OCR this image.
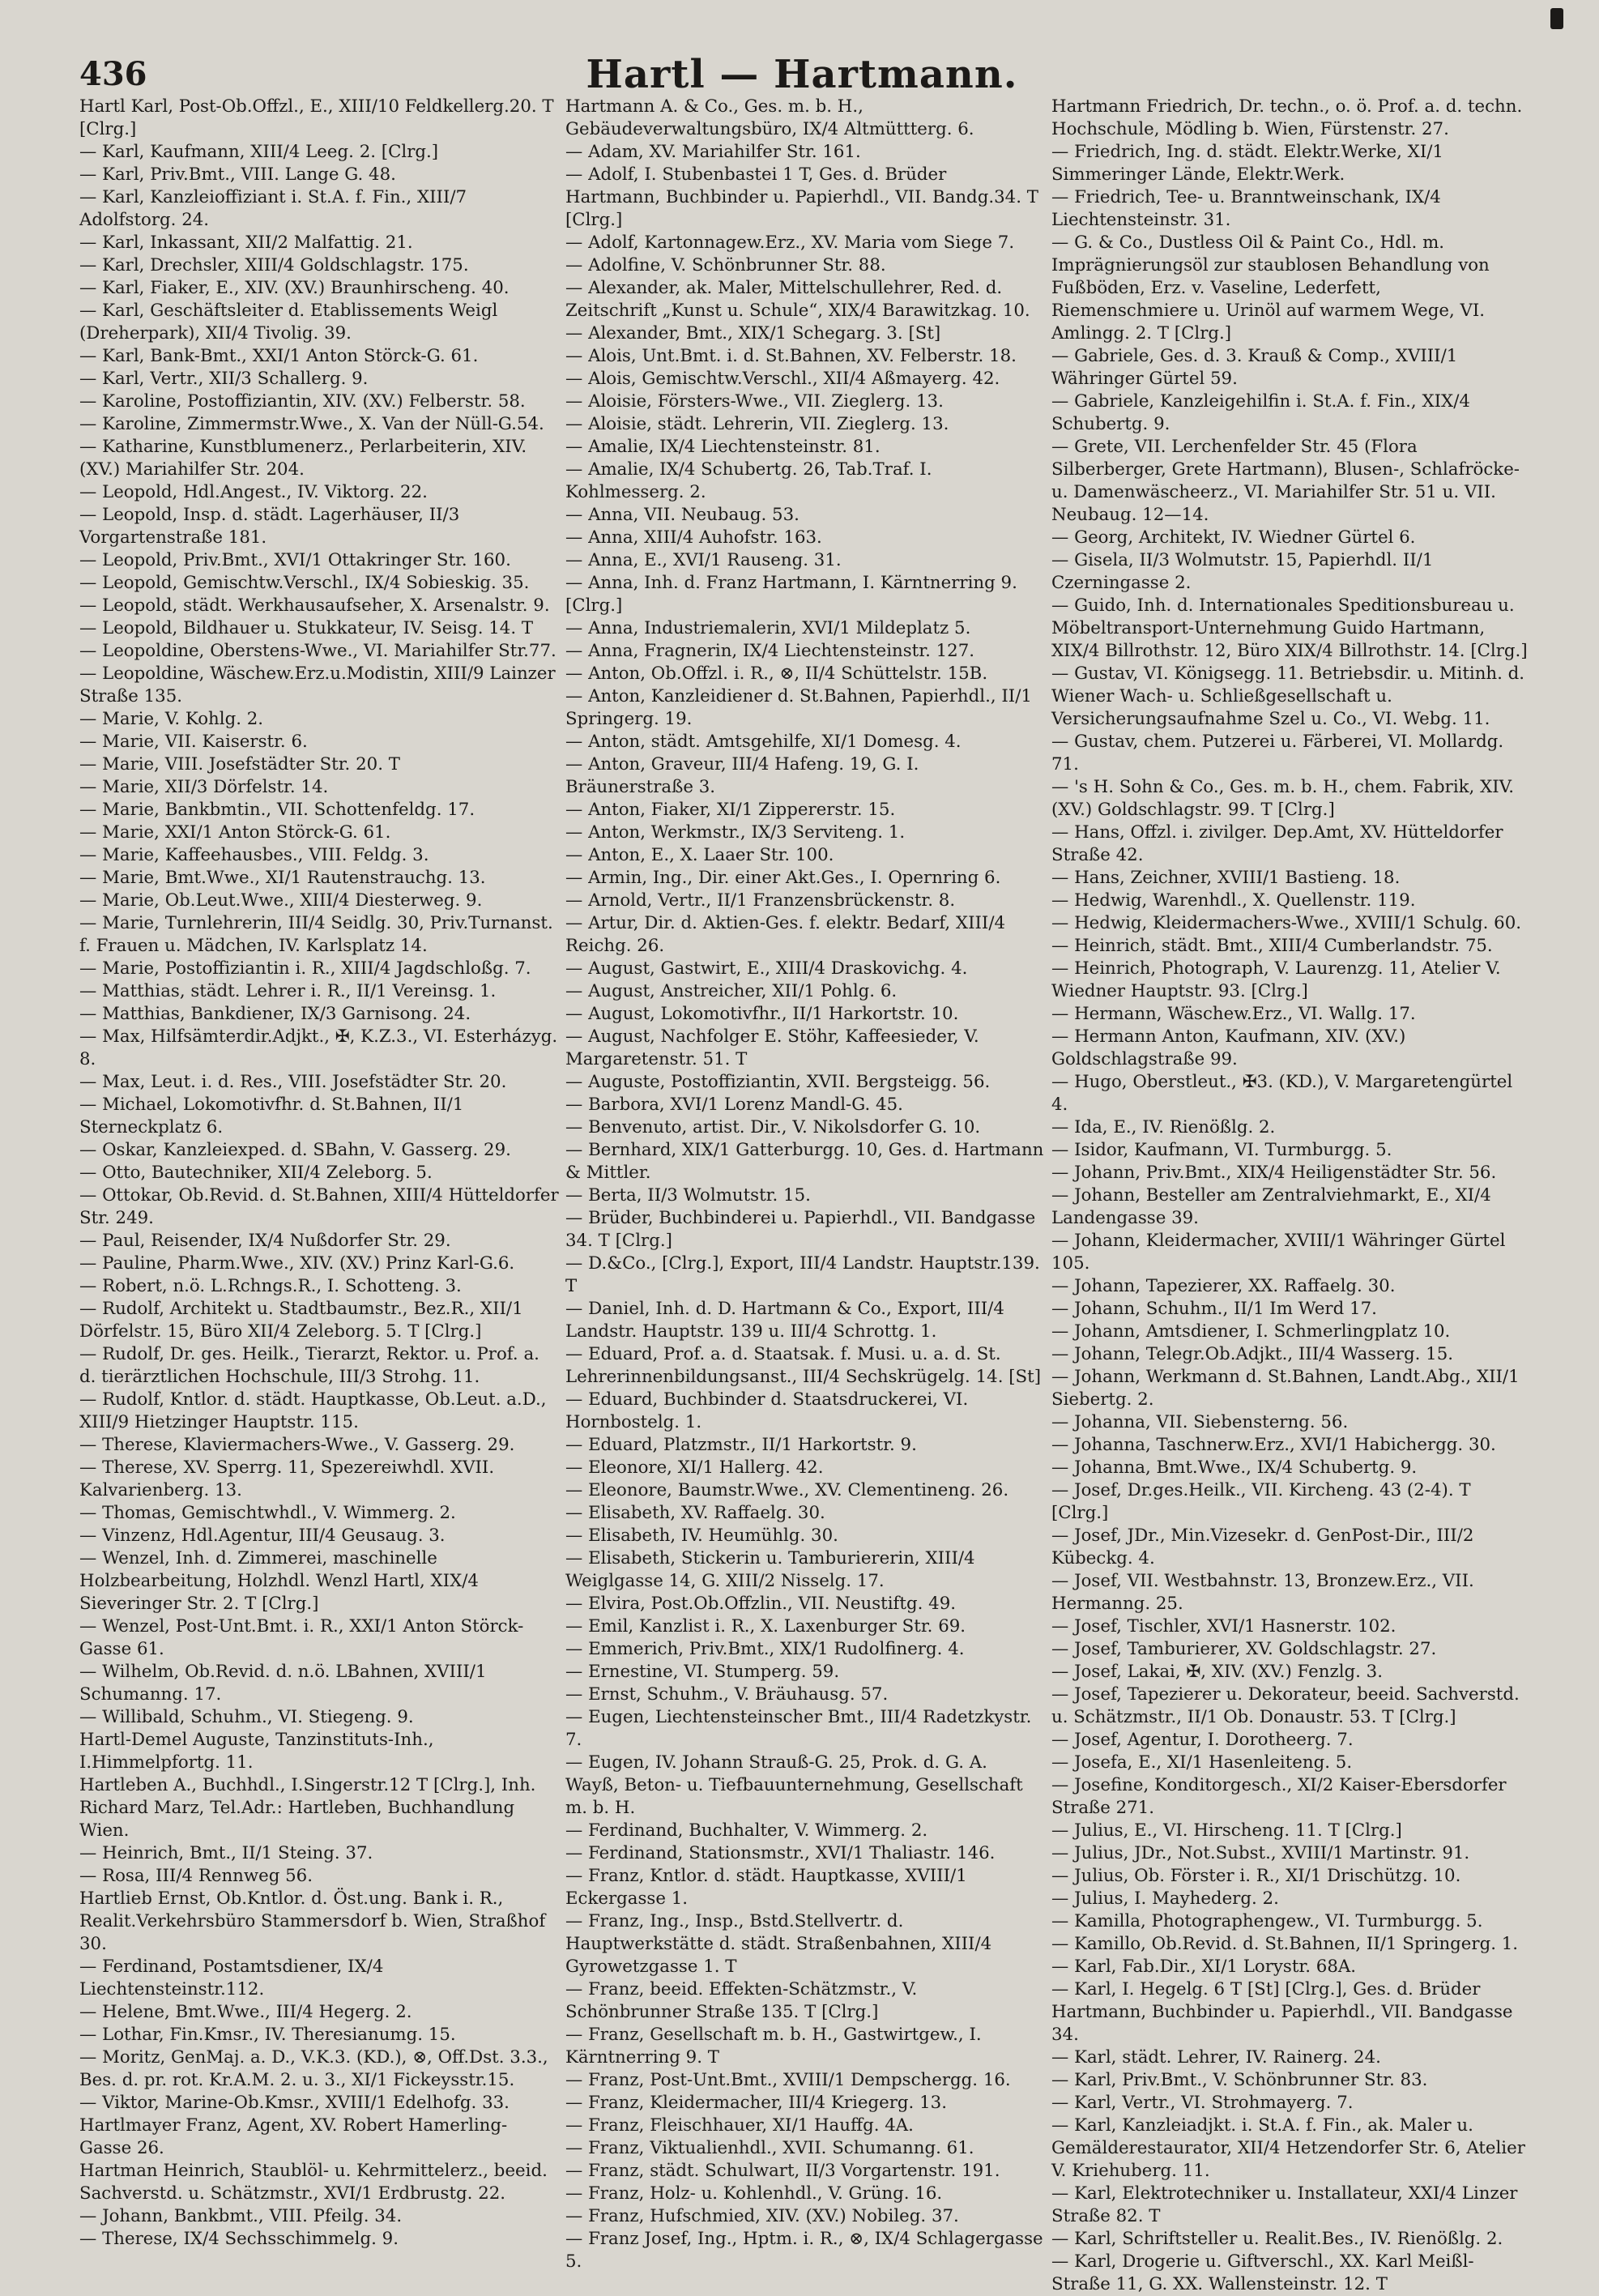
436	Hartl — Hartmann.

Hartl Karl, Post-Ob.Offzl., E., XIII/10 Feldkellerg.20. T [Clrg.]

— Karl, Kaufmann, XIII/4 Leeg. 2. [Clrg.]

— Karl, Priv.Bmt., VIII. Lange G. 48.

— Karl, Kanzleioffiziant i. St.A. f. Fin., XIII/7 Adolfstorg. 24.

— Karl, Inkassant, XII/2 Malfattig. 21.

— Karl, Drechsler, XIII/4 Goldschlagstr. 175.

— Karl, Fiaker, E., XIV. (XV.) Braunhirscheng. 40.

— Karl, Geschäftsleiter d. Etablissements Weigl (Dreherpark), XII/4 Tivolig. 39.

— Karl, Bank-Bmt., XXI/1 Anton Störck-G. 61.

— Karl, Vertr., XII/3 Schallerg. 9.

— Karoline, Postoffiziantin, XIV. (XV.) Felberstr. 58.

— Karoline, Zimmermstr.Wwe., X. Van der Nüll-G.54.

— Katharine, Kunstblumenerz., Perlarbeiterin, XIV. (XV.) Mariahilfer Str. 204.

— Leopold, Hdl.Angest., IV. Viktorg. 22.

— Leopold, Insp. d. städt. Lagerhäuser, II/3 Vorgartenstraße 181.

— Leopold, Priv.Bmt., XVI/1 Ottakringer Str. 160.

— Leopold, Gemischtw.Verschl., IX/4 Sobieskig. 35.

— Leopold, städt. Werkhausaufseher, X. Arsenalstr. 9.

— Leopold, Bildhauer u. Stukkateur, IV. Seisg. 14. T

— Leopoldine, Oberstens-Wwe., VI. Mariahilfer Str.77.

— Leopoldine, Wäschew.Erz.u.Modistin, XIII/9 Lainzer Straße 135.

— Marie, V. Kohlg. 2.

— Marie, VII. Kaiserstr. 6.

— Marie, VIII. Josefstädter Str. 20. T

— Marie, XII/3 Dörfelstr. 14.

— Marie, Bankbmtin., VII. Schottenfeldg. 17.

— Marie, XXI/1 Anton Störck-G. 61.

— Marie, Kaffeehausbes., VIII. Feldg. 3.

— Marie, Bmt.Wwe., XI/1 Rautenstrauchg. 13.

— Marie, Ob.Leut.Wwe., XIII/4 Diesterweg. 9.

— Marie, Turnlehrerin, III/4 Seidlg. 30, Priv.Turnanst. f. Frauen u. Mädchen, IV. Karlsplatz 14.

— Marie, Postoffiziantin i. R., XIII/4 Jagdschloßg. 7.

— Matthias, städt. Lehrer i. R., II/1 Vereinsg. 1.

— Matthias, Bankdiener, IX/3 Garnisong. 24.

— Max, Hilfsämterdir.Adjkt., ✠, K.Z.3., VI. Esterházyg. 8.

— Max, Leut. i. d. Res., VIII. Josefstädter Str. 20.

— Michael, Lokomotivfhr. d. St.Bahnen, II/1 Sterneckplatz 6.

— Oskar, Kanzleiexped. d. SBahn, V. Gasserg. 29.

— Otto, Bautechniker, XII/4 Zeleborg. 5.

— Ottokar, Ob.Revid. d. St.Bahnen, XIII/4 Hütteldorfer Str. 249.

— Paul, Reisender, IX/4 Nußdorfer Str. 29.

— Pauline, Pharm.Wwe., XIV. (XV.) Prinz Karl-G.6.

— Robert, n.ö. L.Rchngs.R., I. Schotteng. 3.

— Rudolf, Architekt u. Stadtbaumstr., Bez.R., XII/1 Dörfelstr. 15, Büro XII/4 Zeleborg. 5. T [Clrg.]

— Rudolf, Dr. ges. Heilk., Tierarzt, Rektor. u. Prof. a. d. tierärztlichen Hochschule, III/3 Strohg. 11.

— Rudolf, Kntlor. d. städt. Hauptkasse, Ob.Leut. a.D., XIII/9 Hietzinger Hauptstr. 115.

— Therese, Klaviermachers-Wwe., V. Gasserg. 29.

— Therese, XV. Sperrg. 11, Spezereiwhdl. XVII. Kalvarienberg. 13.

— Thomas, Gemischtwhdl., V. Wimmerg. 2.

— Vinzenz, Hdl.Agentur, III/4 Geusaug. 3.

— Wenzel, Inh. d. Zimmerei, maschinelle Holzbearbeitung, Holzhdl. Wenzl Hartl, XIX/4 Sieveringer Str. 2. T [Clrg.]

— Wenzel, Post-Unt.Bmt. i. R., XXI/1 Anton Störck-Gasse 61.

— Wilhelm, Ob.Revid. d. n.ö. LBahnen, XVIII/1 Schumanng. 17.

— Willibald, Schuhm., VI. Stiegeng. 9.

Hartl-Demel Auguste, Tanzinstituts-Inh., I.Himmelpfortg. 11.

Hartleben A., Buchhdl., I.Singerstr.12 T [Clrg.], Inh. Richard Marz, Tel.Adr.: Hartleben, Buchhandlung Wien.

— Heinrich, Bmt., II/1 Steing. 37.

— Rosa, III/4 Rennweg 56.

Hartlieb Ernst, Ob.Kntlor. d. Öst.ung. Bank i. R., Realit.Verkehrsbüro Stammersdorf b. Wien, Straßhof 30.

— Ferdinand, Postamtsdiener, IX/4 Liechtensteinstr.112.

— Helene, Bmt.Wwe., III/4 Hegerg. 2.

— Lothar, Fin.Kmsr., IV. Theresianumg. 15.

— Moritz, GenMaj. a. D., V.K.3. (KD.), ⊗, Off.Dst. 3.3., Bes. d. pr. rot. Kr.A.M. 2. u. 3., XI/1 Fickeysstr.15.

— Viktor, Marine-Ob.Kmsr., XVIII/1 Edelhofg. 33.

Hartlmayer Franz, Agent, XV. Robert Hamerling-Gasse 26.

Hartman Heinrich, Staublöl- u. Kehrmittelerz., beeid. Sachverstd. u. Schätzmstr., XVI/1 Erdbrustg. 22.

— Johann, Bankbmt., VIII. Pfeilg. 34.

— Therese, IX/4 Sechsschimmelg. 9.

Hartmann A. & Co., Ges. m. b. H., Gebäudeverwaltungsbüro, IX/4 Altmüttterg. 6.

— Adam, XV. Mariahilfer Str. 161.

— Adolf, I. Stubenbastei 1 T, Ges. d. Brüder Hartmann, Buchbinder u. Papierhdl., VII. Bandg.34. T [Clrg.]

— Adolf, Kartonnagew.Erz., XV. Maria vom Siege 7.

— Adolfine, V. Schönbrunner Str. 88.

— Alexander, ak. Maler, Mittelschullehrer, Red. d. Zeitschrift „Kunst u. Schule“, XIX/4 Barawitzkag. 10.

— Alexander, Bmt., XIX/1 Schegarg. 3. [St]

— Alois, Unt.Bmt. i. d. St.Bahnen, XV. Felberstr. 18.

— Alois, Gemischtw.Verschl., XII/4 Aßmayerg. 42.

— Aloisie, Försters-Wwe., VII. Zieglerg. 13.

— Aloisie, städt. Lehrerin, VII. Zieglerg. 13.

— Amalie, IX/4 Liechtensteinstr. 81.

— Amalie, IX/4 Schubertg. 26, Tab.Traf. I. Kohlmesserg. 2.

— Anna, VII. Neubaug. 53.

— Anna, XIII/4 Auhofstr. 163.

— Anna, E., XVI/1 Rauseng. 31.

— Anna, Inh. d. Franz Hartmann, I. Kärntnerring 9. [Clrg.]

— Anna, Industriemalerin, XVI/1 Mildeplatz 5.

— Anna, Fragnerin, IX/4 Liechtensteinstr. 127.

— Anton, Ob.Offzl. i. R., ⊗, II/4 Schüttelstr. 15B.

— Anton, Kanzleidiener d. St.Bahnen, Papierhdl., II/1 Springerg. 19.

— Anton, städt. Amtsgehilfe, XI/1 Domesg. 4.

— Anton, Graveur, III/4 Hafeng. 19, G. I. Bräunerstraße 3.

— Anton, Fiaker, XI/1 Zippererstr. 15.

— Anton, Werkmstr., IX/3 Serviteng. 1.

— Anton, E., X. Laaer Str. 100.

— Armin, Ing., Dir. einer Akt.Ges., I. Opernring 6.

— Arnold, Vertr., II/1 Franzensbrückenstr. 8.

— Artur, Dir. d. Aktien-Ges. f. elektr. Bedarf, XIII/4 Reichg. 26.

— August, Gastwirt, E., XIII/4 Draskovichg. 4.

— August, Anstreicher, XII/1 Pohlg. 6.

— August, Lokomotivfhr., II/1 Harkortstr. 10.

— August, Nachfolger E. Stöhr, Kaffeesieder, V. Margaretenstr. 51. T

— Auguste, Postoffiziantin, XVII. Bergsteigg. 56.

— Barbora, XVI/1 Lorenz Mandl-G. 45.

— Benvenuto, artist. Dir., V. Nikolsdorfer G. 10.

— Bernhard, XIX/1 Gatterburgg. 10, Ges. d. Hartmann & Mittler.

— Berta, II/3 Wolmutstr. 15.

— Brüder, Buchbinderei u. Papierhdl., VII. Bandgasse 34. T [Clrg.]

— D.&Co., [Clrg.], Export, III/4 Landstr. Hauptstr.139. T

— Daniel, Inh. d. D. Hartmann & Co., Export, III/4 Landstr. Hauptstr. 139 u. III/4 Schrottg. 1.

— Eduard, Prof. a. d. Staatsak. f. Musi. u. a. d. St. Lehrerinnenbildungsanst., III/4 Sechskrügelg. 14. [St]

— Eduard, Buchbinder d. Staatsdruckerei, VI. Hornbostelg. 1.

— Eduard, Platzmstr., II/1 Harkortstr. 9.

— Eleonore, XI/1 Hallerg. 42.

— Eleonore, Baumstr.Wwe., XV. Clementineng. 26.

— Elisabeth, XV. Raffaelg. 30.

— Elisabeth, IV. Heumühlg. 30.

— Elisabeth, Stickerin u. Tamburiererin, XIII/4 Weiglgasse 14, G. XIII/2 Nisselg. 17.

— Elvira, Post.Ob.Offzlin., VII. Neustiftg. 49.

— Emil, Kanzlist i. R., X. Laxenburger Str. 69.

— Emmerich, Priv.Bmt., XIX/1 Rudolfinerg. 4.

— Ernestine, VI. Stumperg. 59.

— Ernst, Schuhm., V. Bräuhausg. 57.

— Eugen, Liechtensteinscher Bmt., III/4 Radetzkystr. 7.

— Eugen, IV. Johann Strauß-G. 25, Prok. d. G. A. Wayß, Beton- u. Tiefbauunternehmung, Gesellschaft m. b. H.

— Ferdinand, Buchhalter, V. Wimmerg. 2.

— Ferdinand, Stationsmstr., XVI/1 Thaliastr. 146.

— Franz, Kntlor. d. städt. Hauptkasse, XVIII/1 Eckergasse 1.

— Franz, Ing., Insp., Bstd.Stellvertr. d. Hauptwerkstätte d. städt. Straßenbahnen, XIII/4 Gyrowetzgasse 1. T

— Franz, beeid. Effekten-Schätzmstr., V. Schönbrunner Straße 135. T [Clrg.]

— Franz, Gesellschaft m. b. H., Gastwirtgew., I. Kärntnerring 9. T

— Franz, Post-Unt.Bmt., XVIII/1 Dempschergg. 16.

— Franz, Kleidermacher, III/4 Kriegerg. 13.

— Franz, Fleischhauer, XI/1 Hauffg. 4A.

— Franz, Viktualienhdl., XVII. Schumanng. 61.

— Franz, städt. Schulwart, II/3 Vorgartenstr. 191.

— Franz, Holz- u. Kohlenhdl., V. Grüng. 16.

— Franz, Hufschmied, XIV. (XV.) Nobileg. 37.

— Franz Josef, Ing., Hptm. i. R., ⊗, IX/4 Schlagergasse 5.

Hartmann Friedrich, Dr. techn., o. ö. Prof. a. d. techn. Hochschule, Mödling b. Wien, Fürstenstr. 27.

— Friedrich, Ing. d. städt. Elektr.Werke, XI/1 Simmeringer Lände, Elektr.Werk.

— Friedrich, Tee- u. Branntweinschank, IX/4 Liechtensteinstr. 31.

— G. & Co., Dustless Oil & Paint Co., Hdl. m. Imprägnierungsöl zur staublosen Behandlung von Fußböden, Erz. v. Vaseline, Lederfett, Riemenschmiere u. Urinöl auf warmem Wege, VI. Amlingg. 2. T [Clrg.]

— Gabriele, Ges. d. 3. Krauß & Comp., XVIII/1 Währinger Gürtel 59.

— Gabriele, Kanzleigehilfin i. St.A. f. Fin., XIX/4 Schubertg. 9.

— Grete, VII. Lerchenfelder Str. 45 (Flora Silberberger, Grete Hartmann), Blusen-, Schlafröcke- u. Damenwäscheerz., VI. Mariahilfer Str. 51 u. VII. Neubaug. 12—14.

— Georg, Architekt, IV. Wiedner Gürtel 6.

— Gisela, II/3 Wolmutstr. 15, Papierhdl. II/1 Czerningasse 2.

— Guido, Inh. d. Internationales Speditionsbureau u. Möbeltransport-Unternehmung Guido Hartmann, XIX/4 Billrothstr. 12, Büro XIX/4 Billrothstr. 14. [Clrg.]

— Gustav, VI. Königsegg. 11. Betriebsdir. u. Mitinh. d. Wiener Wach- u. Schließgesellschaft u. Versicherungsaufnahme Szel u. Co., VI. Webg. 11.

— Gustav, chem. Putzerei u. Färberei, VI. Mollardg. 71.

— 's H. Sohn & Co., Ges. m. b. H., chem. Fabrik, XIV. (XV.) Goldschlagstr. 99. T [Clrg.]

— Hans, Offzl. i. zivilger. Dep.Amt, XV. Hütteldorfer Straße 42.

— Hans, Zeichner, XVIII/1 Bastieng. 18.

— Hedwig, Warenhdl., X. Quellenstr. 119.

— Hedwig, Kleidermachers-Wwe., XVIII/1 Schulg. 60.

— Heinrich, städt. Bmt., XIII/4 Cumberlandstr. 75.

— Heinrich, Photograph, V. Laurenzg. 11, Atelier V. Wiedner Hauptstr. 93. [Clrg.]

— Hermann, Wäschew.Erz., VI. Wallg. 17.

— Hermann Anton, Kaufmann, XIV. (XV.) Goldschlagstraße 99.

— Hugo, Oberstleut., ✠3. (KD.), V. Margaretengürtel 4.

— Ida, E., IV. Rienößlg. 2.

— Isidor, Kaufmann, VI. Turmburgg. 5.

— Johann, Priv.Bmt., XIX/4 Heiligenstädter Str. 56.

— Johann, Besteller am Zentralviehmarkt, E., XI/4 Landengasse 39.

— Johann, Kleidermacher, XVIII/1 Währinger Gürtel 105.

— Johann, Tapezierer, XX. Raffaelg. 30.

— Johann, Schuhm., II/1 Im Werd 17.

— Johann, Amtsdiener, I. Schmerlingplatz 10.

— Johann, Telegr.Ob.Adjkt., III/4 Wasserg. 15.

— Johann, Werkmann d. St.Bahnen, Landt.Abg., XII/1 Siebertg. 2.

— Johanna, VII. Siebensterng. 56.

— Johanna, Taschnerw.Erz., XVI/1 Habichergg. 30.

— Johanna, Bmt.Wwe., IX/4 Schubertg. 9.

— Josef, Dr.ges.Heilk., VII. Kircheng. 43 (2-4). T [Clrg.]

— Josef, JDr., Min.Vizesekr. d. GenPost-Dir., III/2 Kübeckg. 4.

— Josef, VII. Westbahnstr. 13, Bronzew.Erz., VII. Hermanng. 25.

— Josef, Tischler, XVI/1 Hasnerstr. 102.

— Josef, Tamburierer, XV. Goldschlagstr. 27.

— Josef, Lakai, ✠, XIV. (XV.) Fenzlg. 3.

— Josef, Tapezierer u. Dekorateur, beeid. Sachverstd. u. Schätzmstr., II/1 Ob. Donaustr. 53. T [Clrg.]

— Josef, Agentur, I. Dorotheerg. 7.

— Josefa, E., XI/1 Hasenleiteng. 5.

— Josefine, Konditorgesch., XI/2 Kaiser-Ebersdorfer Straße 271.

— Julius, E., VI. Hirscheng. 11. T [Clrg.]

— Julius, JDr., Not.Subst., XVIII/1 Martinstr. 91.

— Julius, Ob. Förster i. R., XI/1 Drischützg. 10.

— Julius, I. Mayhederg. 2.

— Kamilla, Photographengew., VI. Turmburgg. 5.

— Kamillo, Ob.Revid. d. St.Bahnen, II/1 Springerg. 1.

— Karl, Fab.Dir., XI/1 Lorystr. 68A.

— Karl, I. Hegelg. 6 T [St] [Clrg.], Ges. d. Brüder Hartmann, Buchbinder u. Papierhdl., VII. Bandgasse 34.

— Karl, städt. Lehrer, IV. Rainerg. 24.

— Karl, Priv.Bmt., V. Schönbrunner Str. 83.

— Karl, Vertr., VI. Strohmayerg. 7.

— Karl, Kanzleiadjkt. i. St.A. f. Fin., ak. Maler u. Gemälderestaurator, XII/4 Hetzendorfer Str. 6, Atelier V. Kriehuberg. 11.

— Karl, Elektrotechniker u. Installateur, XXI/4 Linzer Straße 82. T

— Karl, Schriftsteller u. Realit.Bes., IV. Rienößlg. 2.

— Karl, Drogerie u. Giftverschl., XX. Karl Meißl-Straße 11, G. XX. Wallensteinstr. 12. T
